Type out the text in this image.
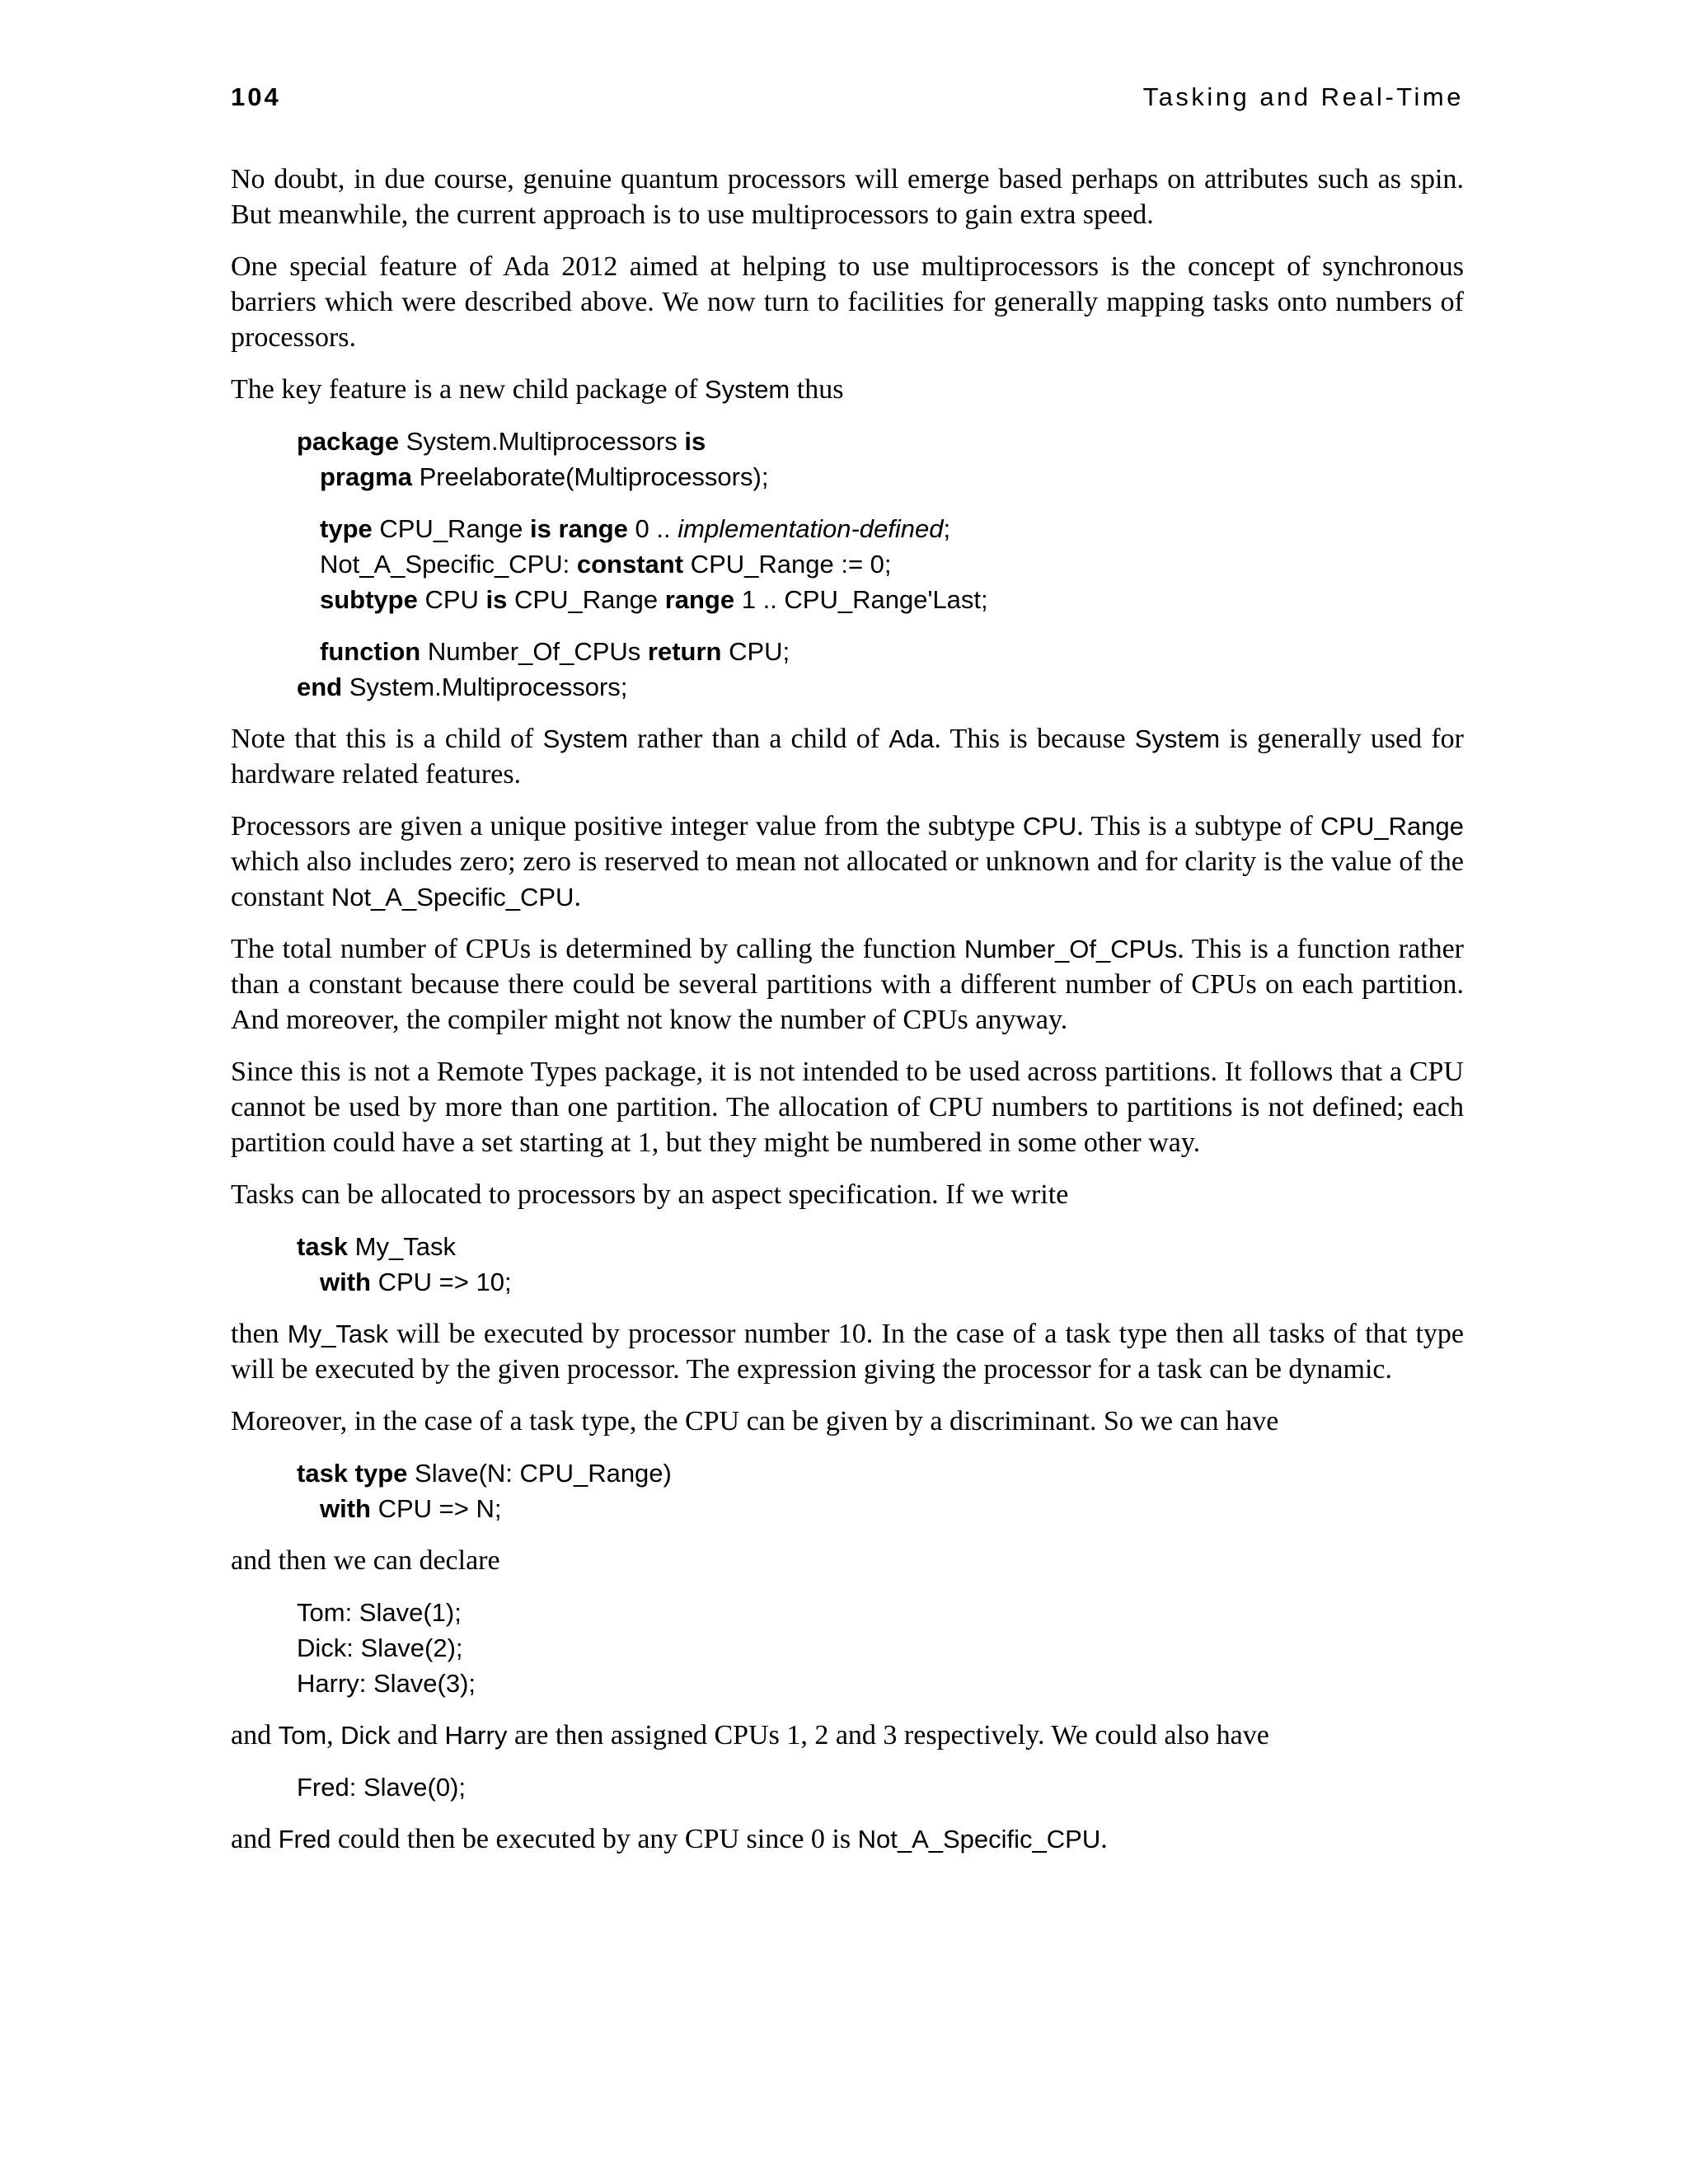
104	Tasking and Real-Time

No doubt, in due course, genuine quantum processors will emerge based perhaps on attributes such as spin. But meanwhile, the current approach is to use multiprocessors to gain extra speed.

One special feature of Ada 2012 aimed at helping to use multiprocessors is the concept of synchronous barriers which were described above. We now turn to facilities for generally mapping tasks onto numbers of processors.

The key feature is a new child package of System thus

package System.Multiprocessors is
pragma Preelaborate(Multiprocessors);
type CPU_Range is range 0 .. implementation-defined;
Not_A_Specific_CPU: constant CPU_Range := 0;
subtype CPU is CPU_Range range 1 .. CPU_Range'Last;
function Number_Of_CPUs return CPU;
end System.Multiprocessors;

Note that this is a child of System rather than a child of Ada. This is because System is generally used for hardware related features.

Processors are given a unique positive integer value from the subtype CPU. This is a subtype of CPU_Range which also includes zero; zero is reserved to mean not allocated or unknown and for clarity is the value of the constant Not_A_Specific_CPU.

The total number of CPUs is determined by calling the function Number_Of_CPUs. This is a function rather than a constant because there could be several partitions with a different number of CPUs on each partition. And moreover, the compiler might not know the number of CPUs anyway.

Since this is not a Remote Types package, it is not intended to be used across partitions. It follows that a CPU cannot be used by more than one partition. The allocation of CPU numbers to partitions is not defined; each partition could have a set starting at 1, but they might be numbered in some other way.

Tasks can be allocated to processors by an aspect specification. If we write

task My_Task
with CPU => 10;

then My_Task will be executed by processor number 10. In the case of a task type then all tasks of that type will be executed by the given processor. The expression giving the processor for a task can be dynamic.

Moreover, in the case of a task type, the CPU can be given by a discriminant. So we can have

task type Slave(N: CPU_Range)
with CPU => N;

and then we can declare

Tom: Slave(1);
Dick: Slave(2);
Harry: Slave(3);

and Tom, Dick and Harry are then assigned CPUs 1, 2 and 3 respectively. We could also have

Fred: Slave(0);

and Fred could then be executed by any CPU since 0 is Not_A_Specific_CPU.
